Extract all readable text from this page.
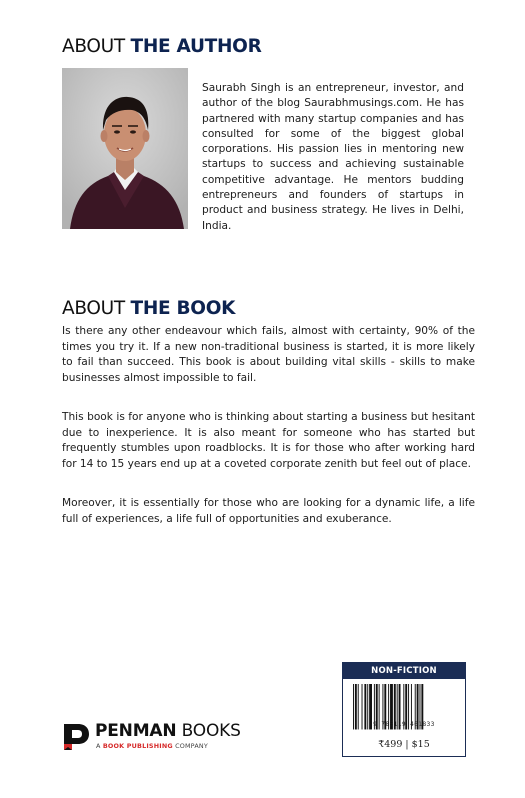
ABOUT THE AUTHOR

Saurabh Singh is an entrepreneur, investor, and author of the blog Saurabhmusings.com. He has partnered with many startup companies and has consulted for some of the biggest global corporations. His passion lies in mentoring new startups to success and achieving sustainable competitive advantage. He mentors budding entrepreneurs and founders of startups in product and business strategy. He lives in Delhi, India.

ABOUT THE BOOK

Is there any other endeavour which fails, almost with certainty, 90% of the times you try it. If a new non-traditional business is started, it is more likely to fail than succeed. This book is about building vital skills - skills to make businesses almost impossible to fail.

This book is for anyone who is thinking about starting a business but hesitant due to inexperience. It is also meant for someone who has started but frequently stumbles upon roadblocks. It is for those who after working hard for 14 to 15 years end up at a coveted corporate zenith but feel out of place.

Moreover, it is essentially for those who are looking for a dynamic life, a life full of experiences, a life full of opportunities and exuberance.

PENMAN BOOKS
A BOOK PUBLISHING COMPANY
NON-FICTION
9 788119 401833
₹499 | $15
